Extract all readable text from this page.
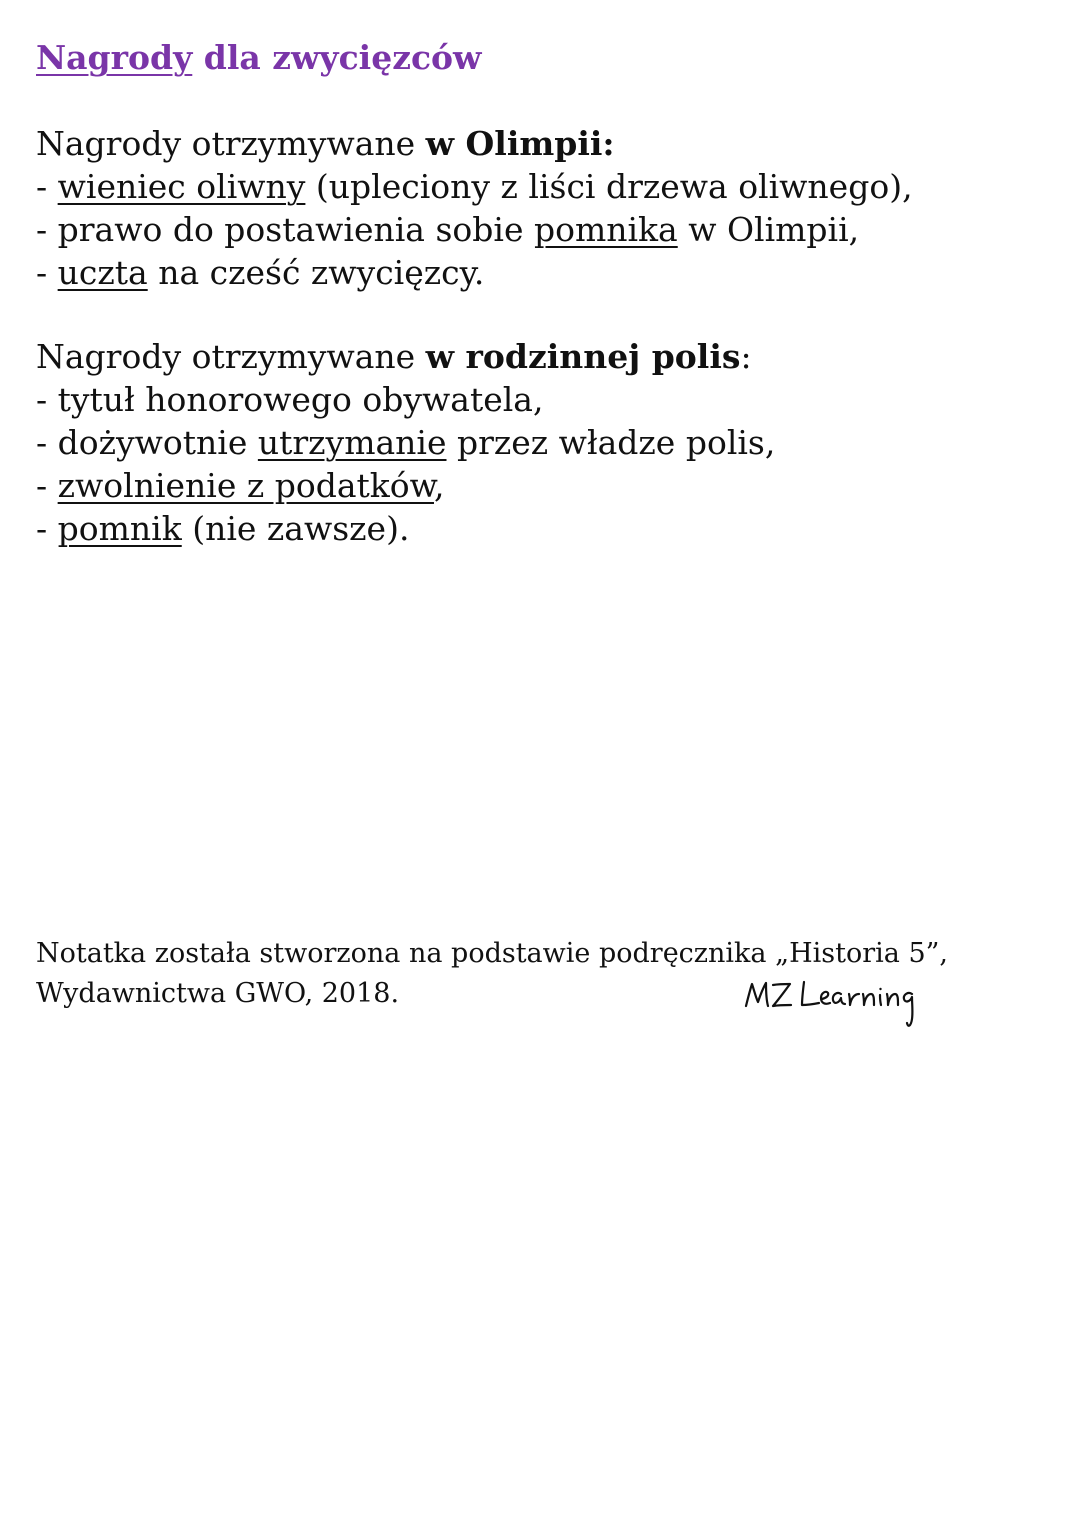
Nagrody dla zwycięzców
Nagrody otrzymywane w Olimpii:
- wieniec oliwny (upleciony z liści drzewa oliwnego),
- prawo do postawienia sobie pomnika w Olimpii,
- uczta na cześć zwycięzcy.
Nagrody otrzymywane w rodzinnej polis:
- tytuł honorowego obywatela,
- dożywotnie utrzymanie przez władze polis,
- zwolnienie z podatków,
- pomnik (nie zawsze).
Notatka została stworzona na podstawie podręcznika „Historia 5”,
Wydawnictwa GWO, 2018.
